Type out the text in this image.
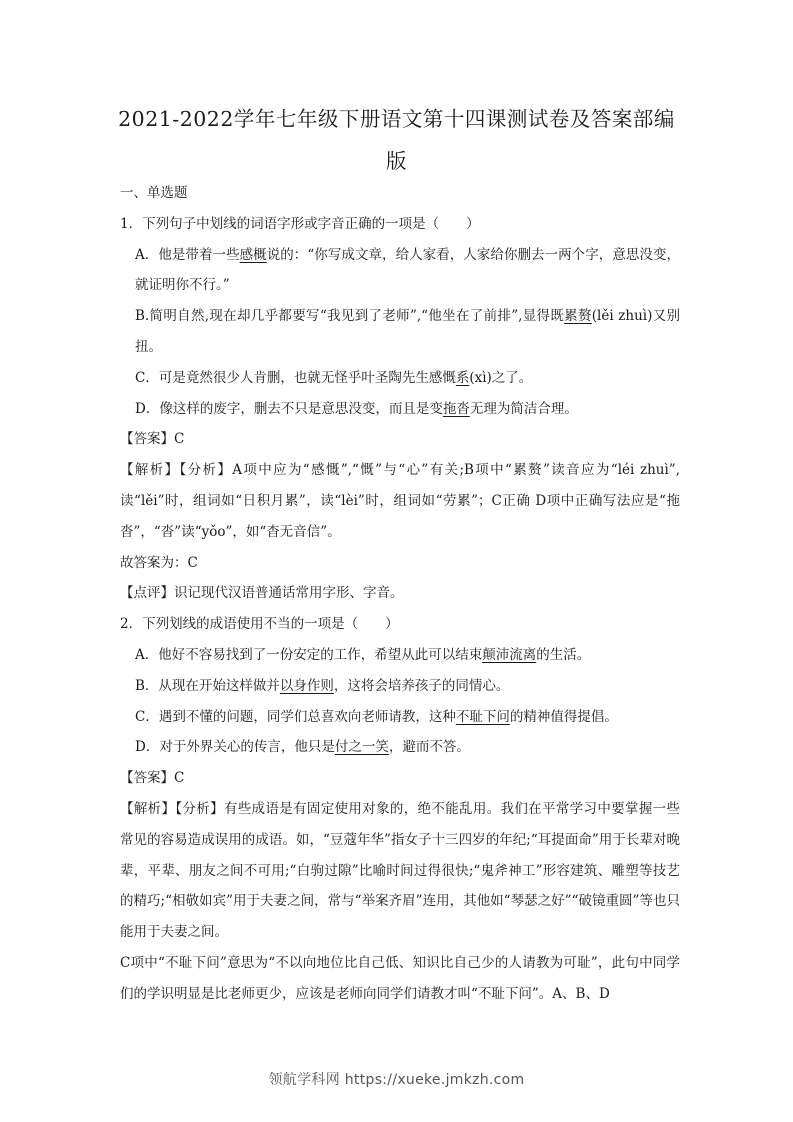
2021-2022学年七年级下册语文第十四课测试卷及答案部编版

一、单选题

1．下列句子中划线的词语字形或字音正确的一项是（　　）

A．他是带着一些感概说的：“你写成文章，给人家看，人家给你删去一两个字，意思没变，就证明你不行。”

B.简明自然,现在却几乎都要写“我见到了老师”,“他坐在了前排”,显得既累赘(lěi zhuì)又别扭。

C．可是竟然很少人肯删，也就无怪乎叶圣陶先生感慨系(xì)之了。

D．像这样的废字，删去不只是意思没变，而且是变拖沓无理为简洁合理。

【答案】C

【解析】【分析】A项中应为“感慨”,“慨”与“心”有关;B项中“累赘”读音应为“léi zhuì”,读“lěi”时，组词如“日积月累”，读“lèi”时，组词如“劳累”；C正确 D项中正确写法应是“拖沓”，“沓”读“yǒo”，如“杳无音信”。

故答案为：C

【点评】识记现代汉语普通话常用字形、字音。

2．下列划线的成语使用不当的一项是（　　）

A．他好不容易找到了一份安定的工作，希望从此可以结束颠沛流离的生活。

B．从现在开始这样做并以身作则，这将会培养孩子的同情心。

C．遇到不懂的问题，同学们总喜欢向老师请教，这种不耻下问的精神值得提倡。

D．对于外界关心的传言，他只是付之一笑，避而不答。

【答案】C

【解析】【分析】有些成语是有固定使用对象的，绝不能乱用。我们在平常学习中要掌握一些常见的容易造成误用的成语。如，“豆蔻年华”指女子十三四岁的年纪;“耳提面命”用于长辈对晚辈，平辈、朋友之间不可用;“白驹过隙”比喻时间过得很快;“鬼斧神工”形容建筑、雕塑等技艺的精巧;“相敬如宾”用于夫妻之间，常与“举案齐眉”连用，其他如“琴瑟之好”“破镜重圆”等也只能用于夫妻之间。

C项中“不耻下问”意思为“不以向地位比自己低、知识比自己少的人请教为可耻”，此句中同学们的学识明显是比老师更少，应该是老师向同学们请教才叫“不耻下问”。A、B、D

领航学科网 https://xueke.jmkzh.com
